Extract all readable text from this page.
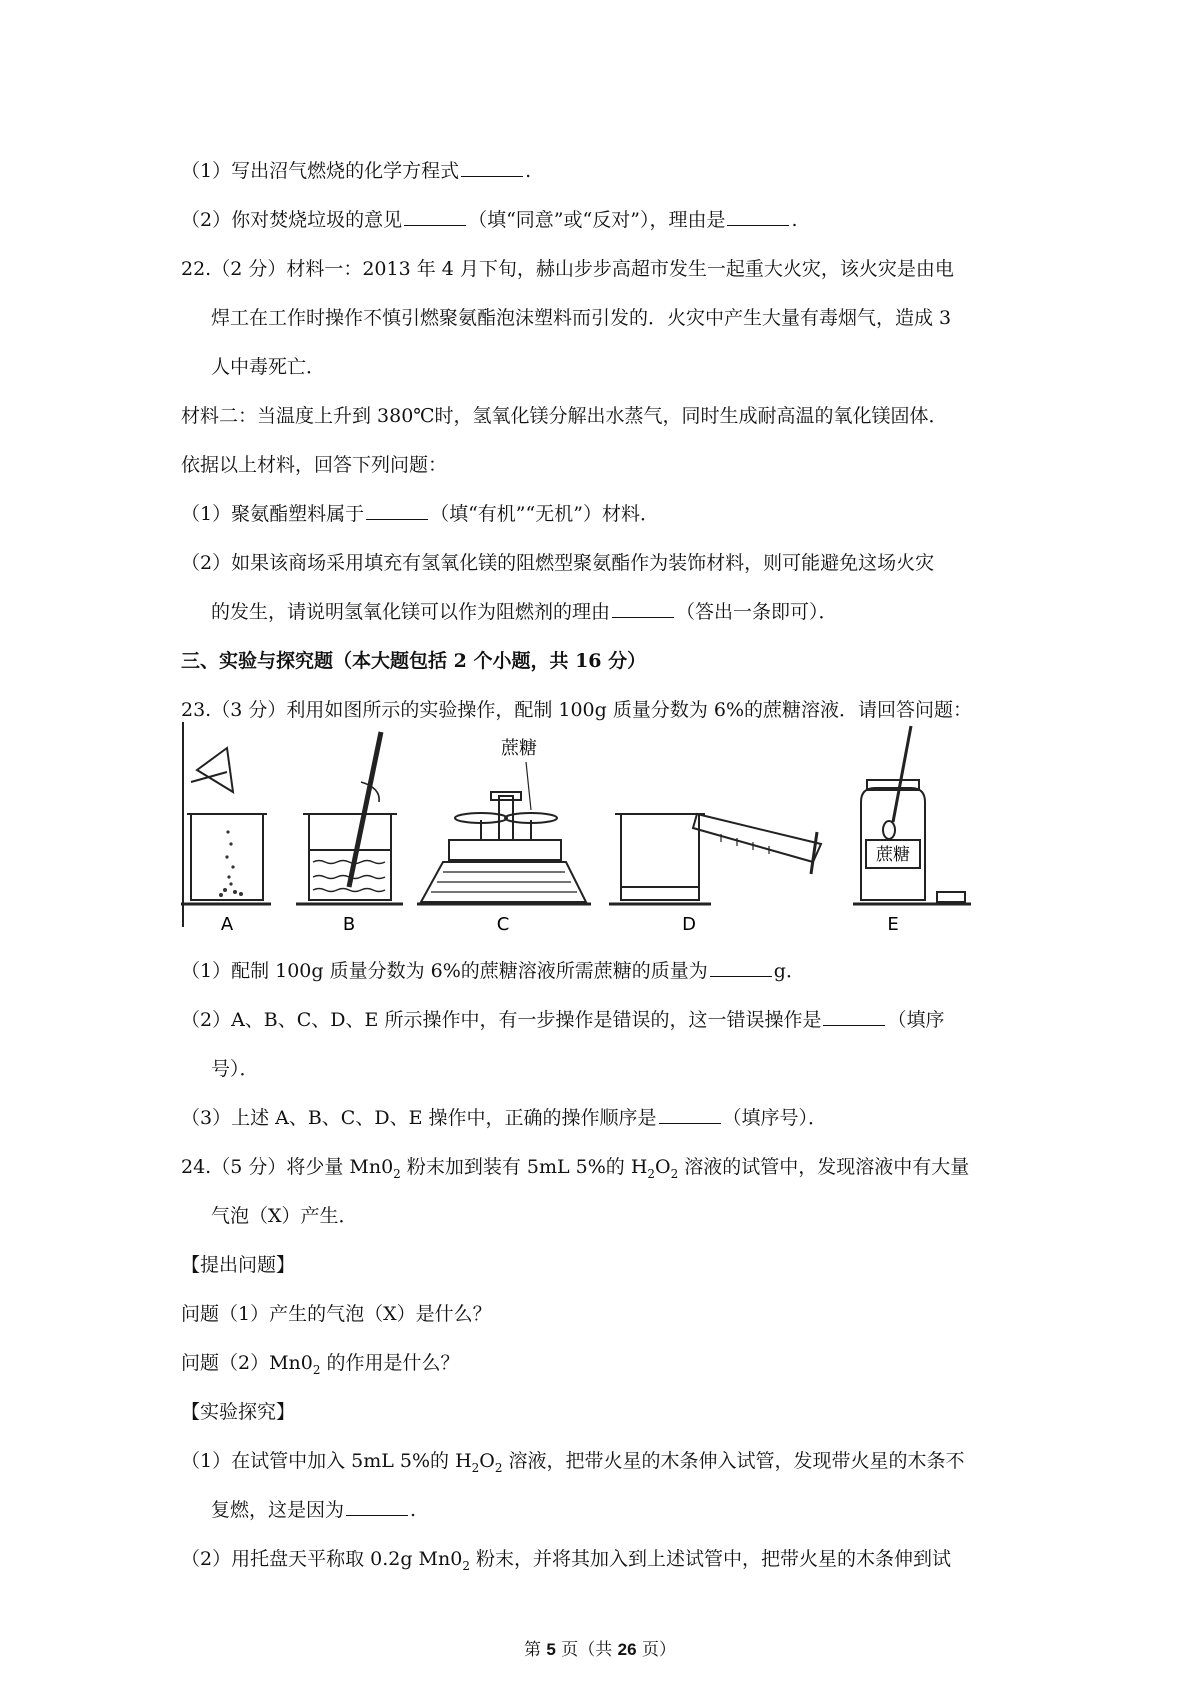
（1）写出沼气燃烧的化学方程式	.
（2）你对焚烧垃圾的意见	（填“同意”或“反对”），理由是	.
22.（2 分）材料一：2013 年 4 月下旬，赫山步步高超市发生一起重大火灾，该火灾是由电
焊工在工作时操作不慎引燃聚氨酯泡沫塑料而引发的．火灾中产生大量有毒烟气，造成 3
人中毒死亡．
材料二：当温度上升到 380℃时，氢氧化镁分解出水蒸气，同时生成耐高温的氧化镁固体．
依据以上材料，回答下列问题：
（1）聚氨酯塑料属于	（填“有机”“无机”）材料．
（2）如果该商场采用填充有氢氧化镁的阻燃型聚氨酯作为装饰材料，则可能避免这场火灾
的发生，请说明氢氧化镁可以作为阻燃剂的理由	（答出一条即可）．
三、实验与探究题（本大题包括 2 个小题，共 16 分）
23.（3 分）利用如图所示的实验操作，配制 100g 质量分数为 6%的蔗糖溶液．请回答问题：
蔗糖
蔗糖
A	B	C	D	E
（1）配制 100g 质量分数为 6%的蔗糖溶液所需蔗糖的质量为	g．
（2）A、B、C、D、E 所示操作中，有一步操作是错误的，这一错误操作是	（填序
号）．
（3）上述 A、B、C、D、E 操作中，正确的操作顺序是	（填序号）．
24.（5 分）将少量 $Mn0_2$ 粉末加到装有 5mL 5%的 $H_2O_2$ 溶液的试管中，发现溶液中有大量
气泡（X）产生．
【提出问题】
问题（1）产生的气泡（X）是什么？
问题$(2)Mn0_2$ 的作用是什么？
【实验探究】
（1）在试管中加入 5mL 5%的 $H_2O_2$ 溶液，把带火星的木条伸入试管，发现带火星的木条不
复燃，这是因为	.
（2）用托盘天平称取 0.2g $Mn0_2$ 粉末，并将其加入到上述试管中，把带火星的木条伸到试
第 5 页（共 26 页）
